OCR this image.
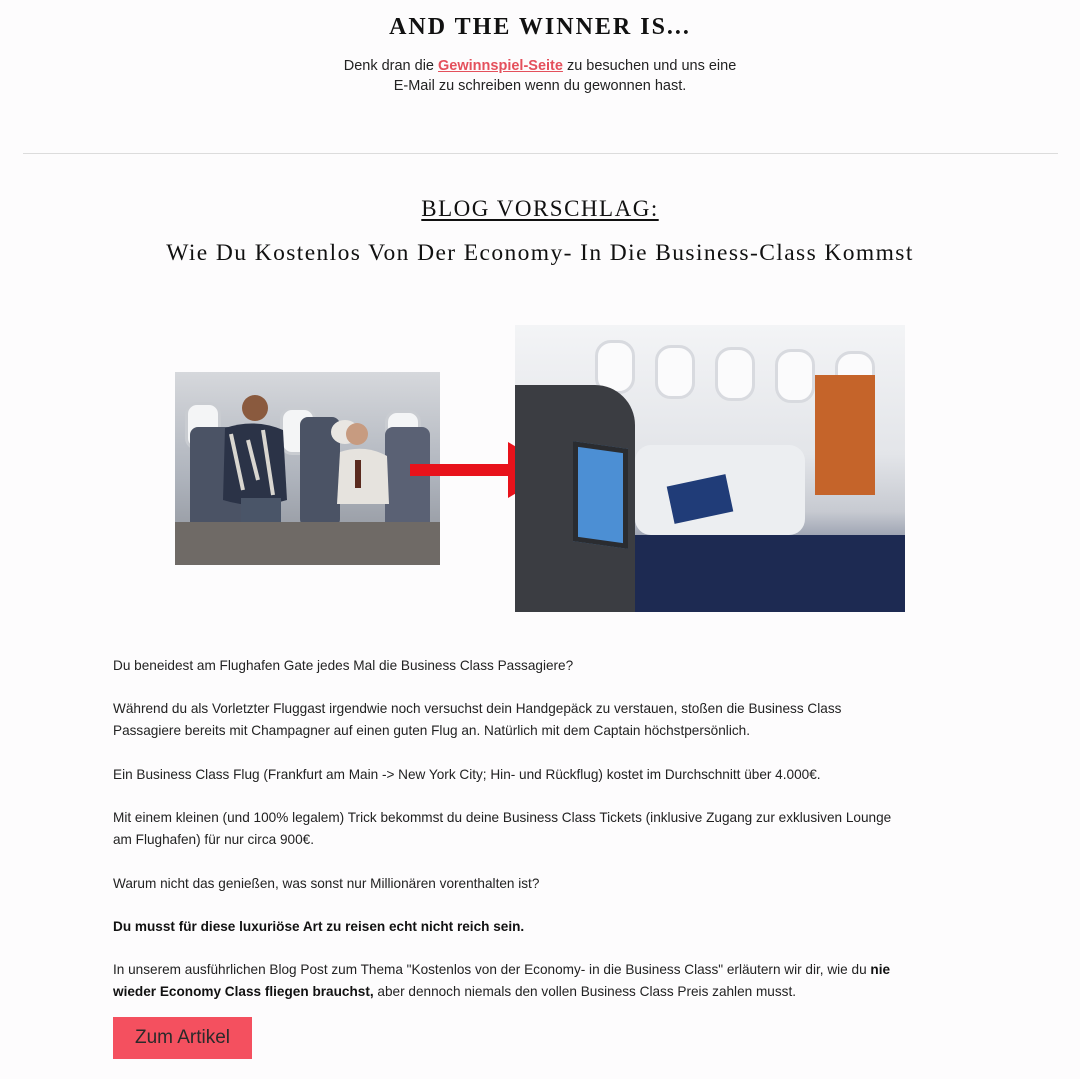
AND THE WINNER IS...
Denk dran die Gewinnspiel-Seite zu besuchen und uns eine
E-Mail zu schreiben wenn du gewonnen hast.
BLOG VORSCHLAG:
Wie Du Kostenlos Von Der Economy- In Die Business-Class Kommst
Du beneidest am Flughafen Gate jedes Mal die Business Class Passagiere?
Während du als Vorletzter Fluggast irgendwie noch versuchst dein Handgepäck zu verstauen, stoßen die Business Class Passagiere bereits mit Champagner auf einen guten Flug an. Natürlich mit dem Captain höchstpersönlich.
Ein Business Class Flug (Frankfurt am Main -> New York City; Hin- und Rückflug) kostet im Durchschnitt über 4.000€.
Mit einem kleinen (und 100% legalem) Trick bekommst du deine Business Class Tickets (inklusive Zugang zur exklusiven Lounge am Flughafen) für nur circa 900€.
Warum nicht das genießen, was sonst nur Millionären vorenthalten ist?
Du musst für diese luxuriöse Art zu reisen echt nicht reich sein.
In unserem ausführlichen Blog Post zum Thema "Kostenlos von der Economy- in die Business Class" erläutern wir dir, wie du nie wieder Economy Class fliegen brauchst, aber dennoch niemals den vollen Business Class Preis zahlen musst.
Zum Artikel
